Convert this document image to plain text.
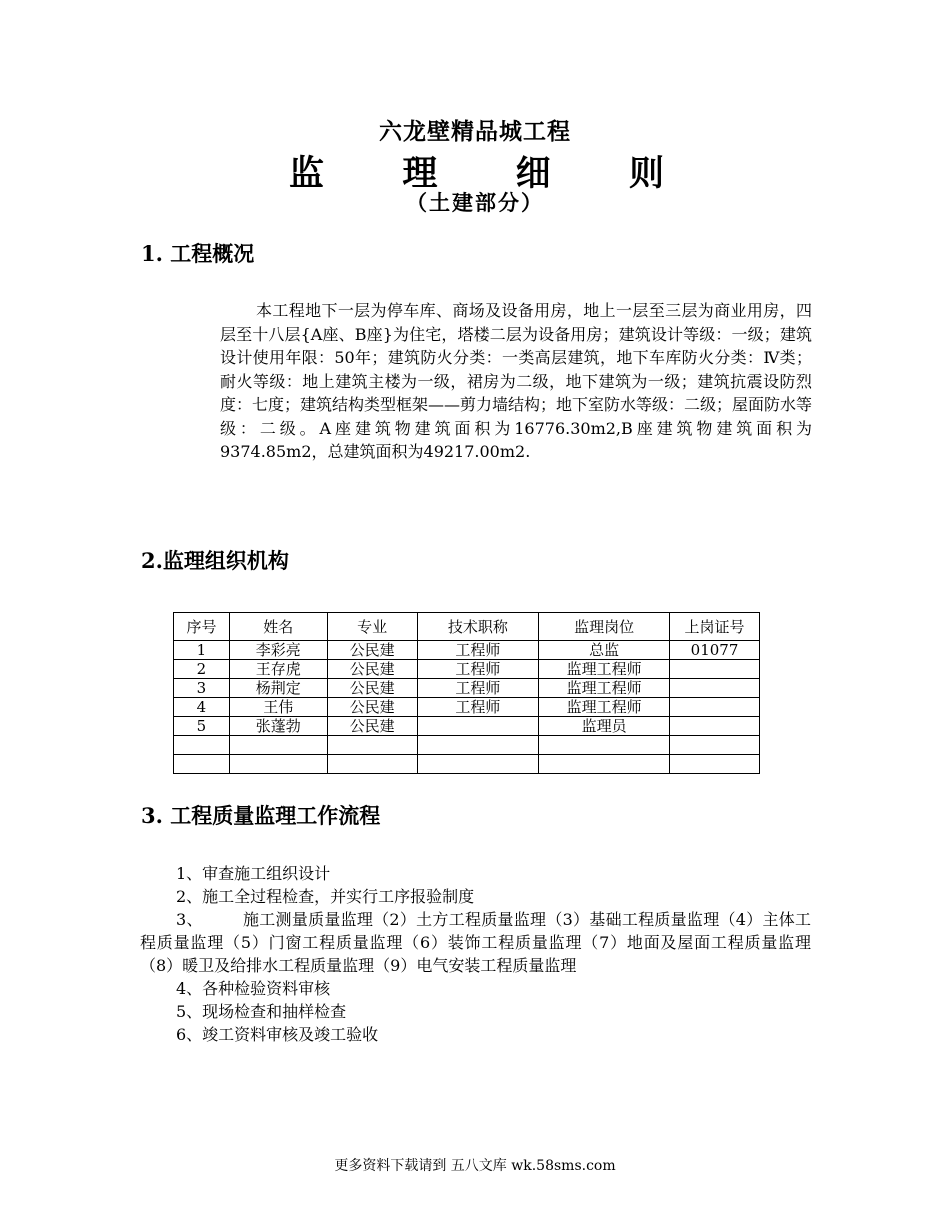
六龙壁精品城工程
监 理 细 则
（土建部分）
1. 工程概况
本工程地下一层为停车库、商场及设备用房，地上一层至三层为商业用房，四层至十八层{A座、B座}为住宅，塔楼二层为设备用房；建筑设计等级：一级；建筑设计使用年限：50年；建筑防火分类：一类高层建筑，地下车库防火分类：Ⅳ类；耐火等级：地上建筑主楼为一级，裙房为二级，地下建筑为一级；建筑抗震设防烈度：七度；建筑结构类型框架——剪力墙结构；地下室防水等级：二级；屋面防水等级：二级。A座建筑物建筑面积为16776.30m2,B座建筑物建筑面积为9374.85m2，总建筑面积为49217.00m2.
2.监理组织机构
序号	姓名	专业	技术职称	监理岗位	上岗证号
1	李彩亮	公民建	工程师	总监	01077
2	王存虎	公民建	工程师	监理工程师	
3	杨荆定	公民建	工程师	监理工程师	
4	王伟	公民建	工程师	监理工程师	
5	张蓬勃	公民建		监理员	

3. 工程质量监理工作流程
1、审查施工组织设计
2、施工全过程检查，并实行工序报验制度
3、	施工测量质量监理（2）土方工程质量监理（3）基础工程质量监理（4）主体工程质量监理（5）门窗工程质量监理（6）装饰工程质量监理（7）地面及屋面工程质量监理（8）暖卫及给排水工程质量监理（9）电气安装工程质量监理
4、各种检验资料审核
5、现场检查和抽样检查
6、竣工资料审核及竣工验收
更多资料下载请到 五八文库 wk.58sms.com
